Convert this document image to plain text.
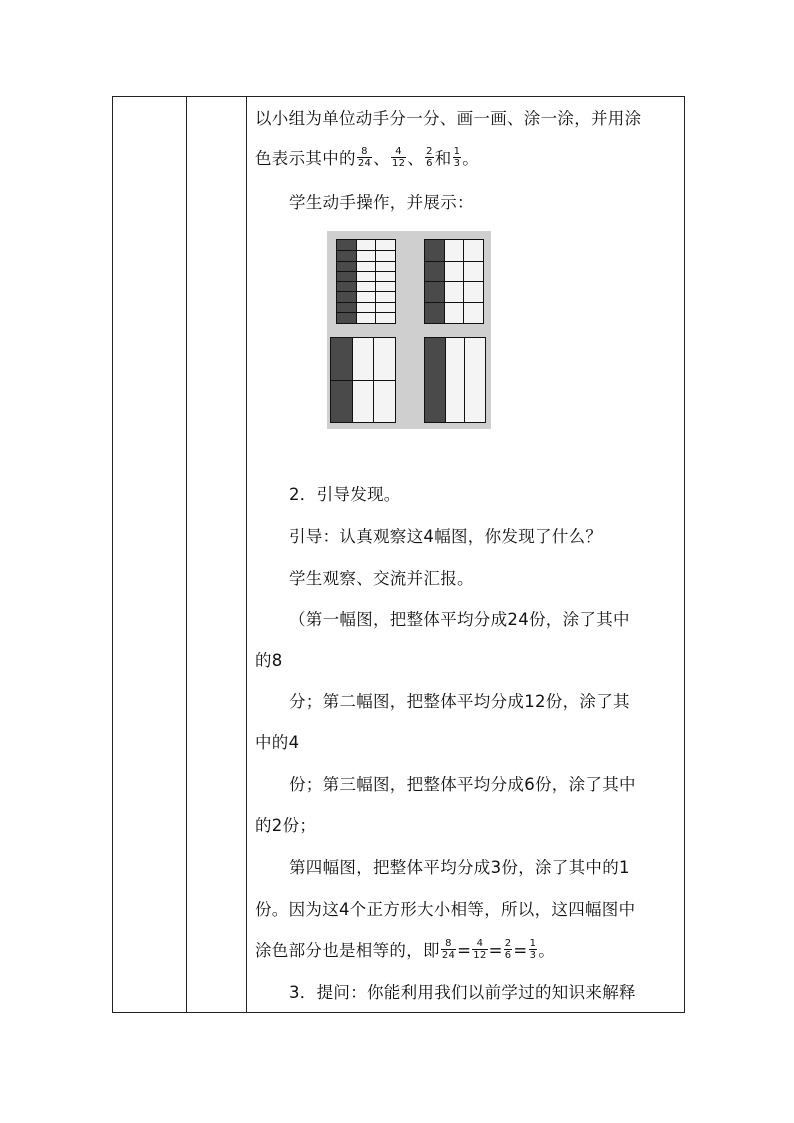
以小组为单位动手分一分、画一画、涂一涂，并用涂
色表示其中的 $\frac{8}{24}$ 、 $\frac{4}{12}$ 、 $\frac{2}{6}$ 和 $\frac{1}{3}$ 。
学生动手操作，并展示：
2．引导发现。
引导：认真观察这4幅图，你发现了什么？
学生观察、交流并汇报。
（第一幅图，把整体平均分成24份，涂了其中
的8
分；第二幅图，把整体平均分成12份，涂了其
中的4
份；第三幅图，把整体平均分成6份，涂了其中
的2份；
第四幅图，把整体平均分成3份，涂了其中的1
份。因为这4个正方形大小相等，所以，这四幅图中
涂色部分也是相等的，即 $\frac{8}{24} = \frac{4}{12} = \frac{2}{6} = \frac{1}{3}$ 。
3．提问：你能利用我们以前学过的知识来解释
